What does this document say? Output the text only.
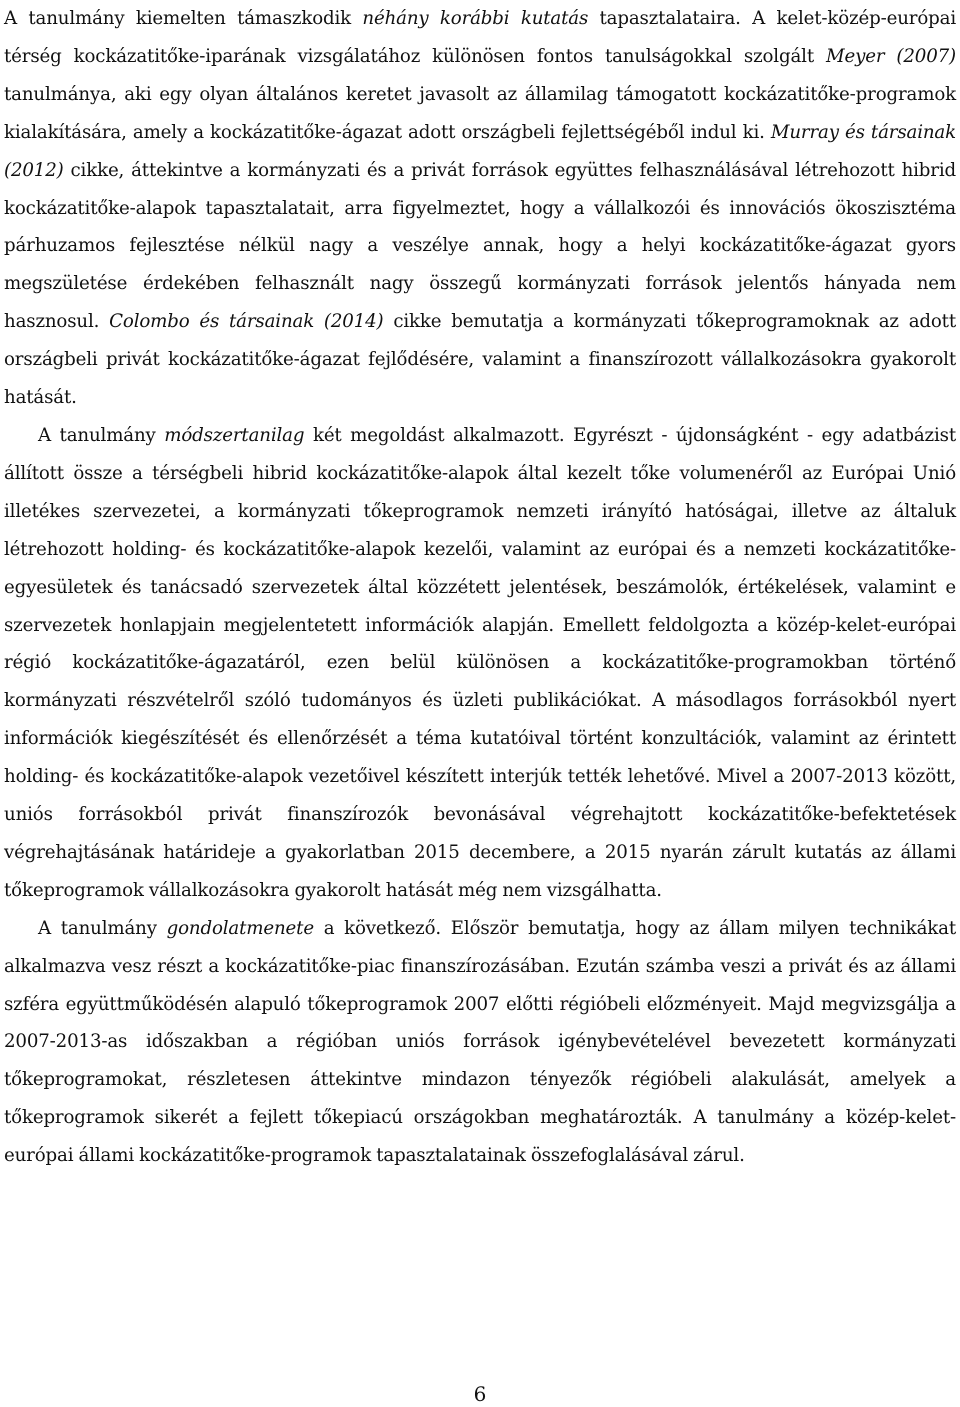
A tanulmány kiemelten támaszkodik néhány korábbi kutatás tapasztalataira. A kelet-közép-európai térség kockázatitőke-iparának vizsgálatához különösen fontos tanulságokkal szolgált Meyer (2007) tanulmánya, aki egy olyan általános keretet javasolt az államilag támogatott kockázatitőke-programok kialakítására, amely a kockázatitőke-ágazat adott országbeli fejlettségéből indul ki. Murray és társainak (2012) cikke, áttekintve a kormányzati és a privát források együttes felhasználásával létrehozott hibrid kockázatitőke-alapok tapasztalatait, arra figyelmeztet, hogy a vállalkozói és innovációs ökoszisztéma párhuzamos fejlesztése nélkül nagy a veszélye annak, hogy a helyi kockázatitőke-ágazat gyors megszületése érdekében felhasznált nagy összegű kormányzati források jelentős hányada nem hasznosul. Colombo és társainak (2014) cikke bemutatja a kormányzati tőkeprogramoknak az adott országbeli privát kockázatitőke-ágazat fejlődésére, valamint a finanszírozott vállalkozásokra gyakorolt hatását.

A tanulmány módszertanilag két megoldást alkalmazott. Egyrészt - újdonságként - egy adatbázist állított össze a térségbeli hibrid kockázatitőke-alapok által kezelt tőke volumenéről az Európai Unió illetékes szervezetei, a kormányzati tőkeprogramok nemzeti irányító hatóságai, illetve az általuk létrehozott holding- és kockázatitőke-alapok kezelői, valamint az európai és a nemzeti kockázatitőke-egyesületek és tanácsadó szervezetek által közzétett jelentések, beszámolók, értékelések, valamint e szervezetek honlapjain megjelentetett információk alapján. Emellett feldolgozta a közép-kelet-európai régió kockázatitőke-ágazatáról, ezen belül különösen a kockázatitőke-programokban történő kormányzati részvételről szóló tudományos és üzleti publikációkat. A másodlagos forrásokból nyert információk kiegészítését és ellenőrzését a téma kutatóival történt konzultációk, valamint az érintett holding- és kockázatitőke-alapok vezetőivel készített interjúk tették lehetővé. Mivel a 2007-2013 között, uniós forrásokból privát finanszírozók bevonásával végrehajtott kockázatitőke-befektetések végrehajtásának határideje a gyakorlatban 2015 decembere, a 2015 nyarán zárult kutatás az állami tőkeprogramok vállalkozásokra gyakorolt hatását még nem vizsgálhatta.

A tanulmány gondolatmenete a következő. Először bemutatja, hogy az állam milyen technikákat alkalmazva vesz részt a kockázatitőke-piac finanszírozásában. Ezután számba veszi a privát és az állami szféra együttműködésén alapuló tőkeprogramok 2007 előtti régióbeli előzményeit. Majd megvizsgálja a 2007-2013-as időszakban a régióban uniós források igénybevételével bevezetett kormányzati tőkeprogramokat, részletesen áttekintve mindazon tényezők régióbeli alakulását, amelyek a tőkeprogramok sikerét a fejlett tőkepiacú országokban meghatározták. A tanulmány a közép-kelet-európai állami kockázatitőke-programok tapasztalatainak összefoglalásával zárul.

6
